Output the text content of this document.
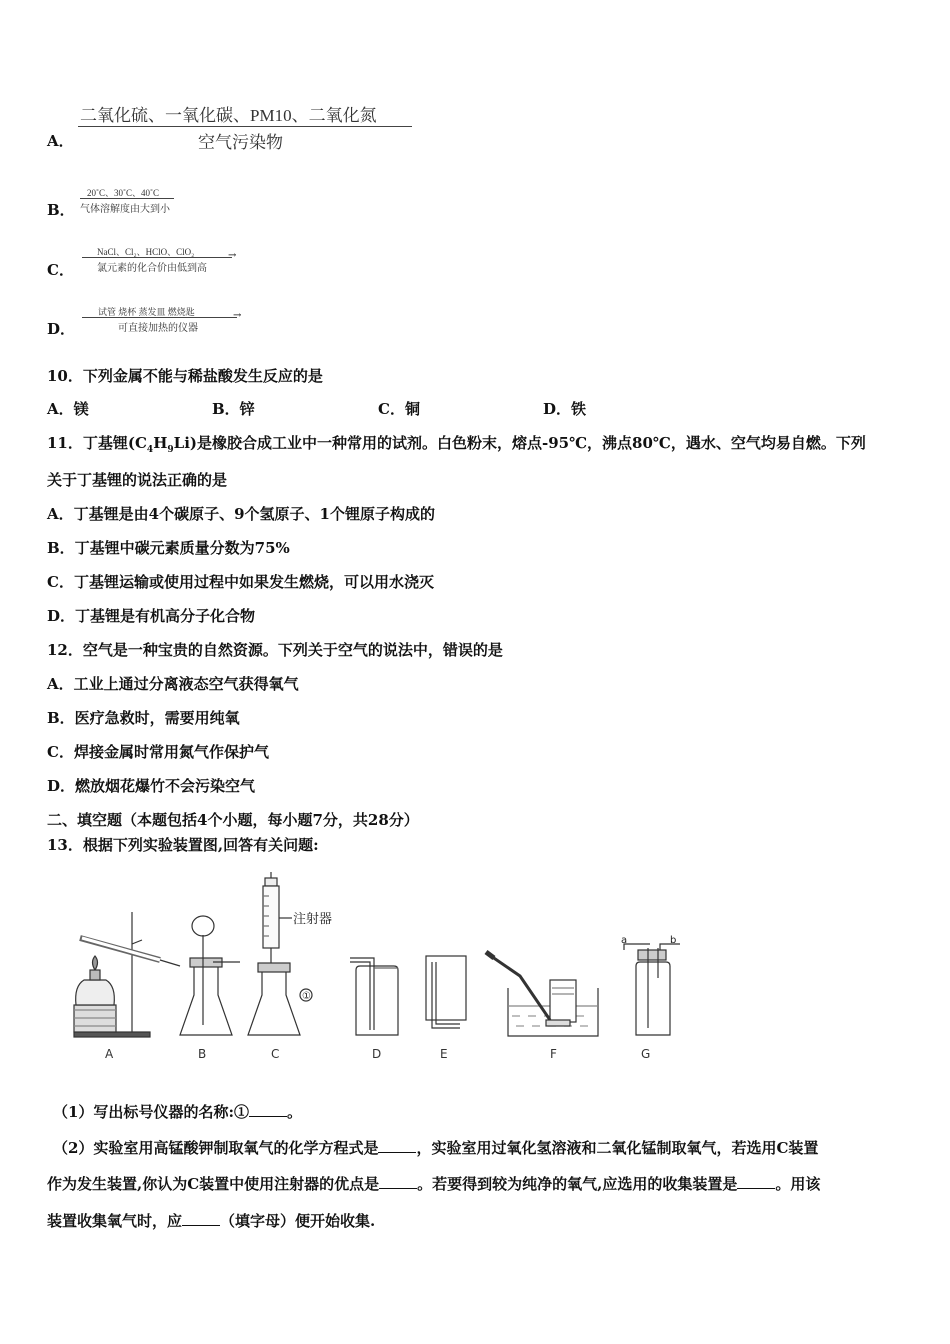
A．
二氧化硫、一氧化碳、PM10、二氧化氮
空气污染物
B．
20˚C、30˚C、40˚C
气体溶解度由大到小
C．
NaCl、Cl₂、HClO、ClO₂	→
氯元素的化合价由低到高
D．
试管 烧杯 蒸发皿 燃烧匙	→
可直接加热的仪器
10．下列金属不能与稀盐酸发生反应的是
A．镁	B．锌	C．铜	D．铁
11．丁基锂$(C_4H_9Li)$是橡胶合成工业中一种常用的试剂。白色粉末，熔点-95℃，沸点80℃，遇水、空气均易自燃。下列
关于丁基锂的说法正确的是
A．丁基锂是由4个碳原子、9个氢原子、1个锂原子构成的
B．丁基锂中碳元素质量分数为75%
C．丁基锂运输或使用过程中如果发生燃烧，可以用水浇灭
D．丁基锂是有机高分子化合物
12．空气是一种宝贵的自然资源。下列关于空气的说法中，错误的是
A．工业上通过分离液态空气获得氧气
B．医疗急救时，需要用纯氧
C．焊接金属时常用氮气作保护气
D．燃放烟花爆竹不会污染空气
二、填空题（本题包括4个小题，每小题7分，共28分）
13．根据下列实验装置图,回答有关问题:
注射器
①
a	b
A	B	C	D	E	F	G
（1）写出标号仪器的名称:①	。
（2）实验室用高锰酸钾制取氧气的化学方程式是	，实验室用过氧化氢溶液和二氧化锰制取氧气，若选用C装置
作为发生装置,你认为C装置中使用注射器的优点是	。若要得到较为纯净的氧气,应选用的收集装置是	。用该
装置收集氧气时，应	（填字母）便开始收集.
